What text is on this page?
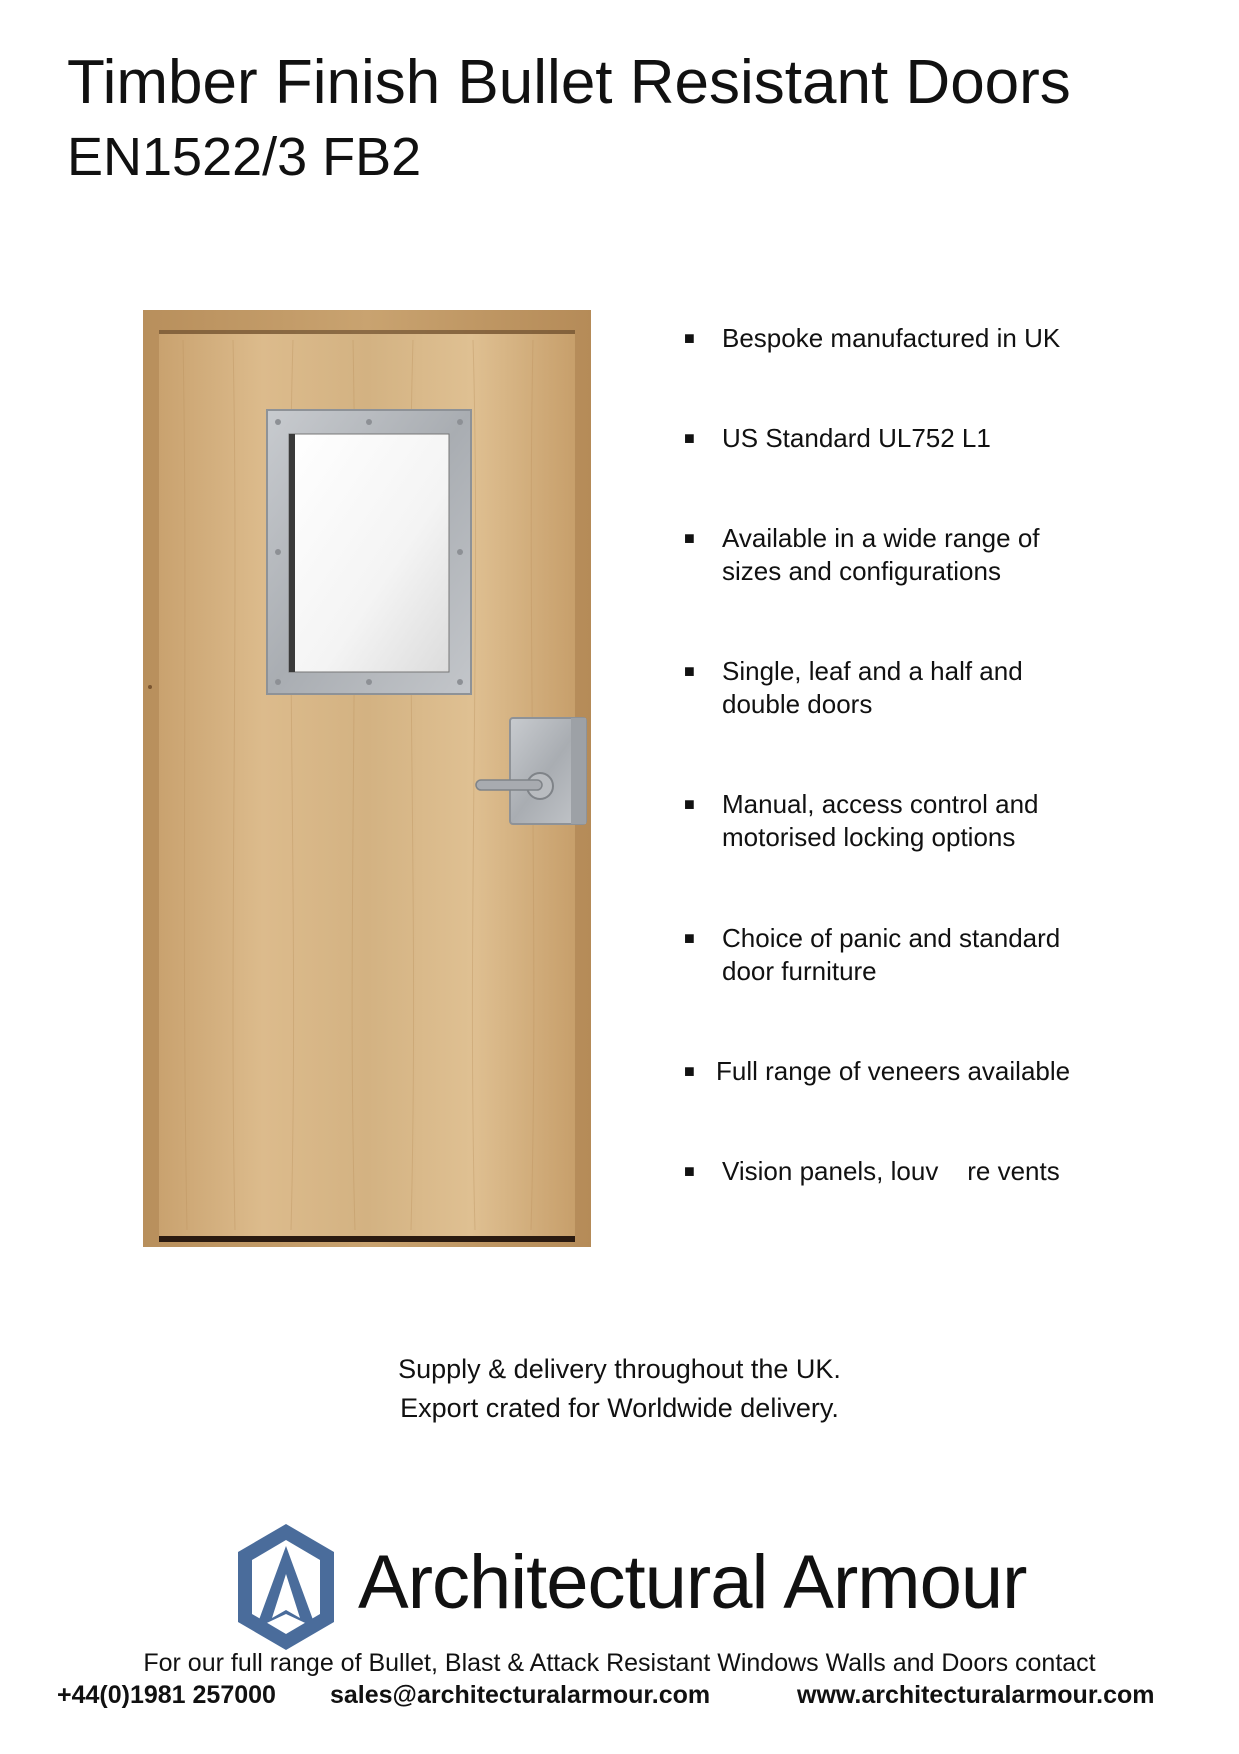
Timber Finish Bullet Resistant Doors
EN1522/3 FB2
■	Bespoke manufactured in UK
■	US Standard UL752 L1
■	Available in a wide range of
sizes and configurations
■	Single, leaf and a half and
double doors
■	Manual, access control and
motorised locking options
■	Choice of panic and standard
door furniture
■ Full range of veneers available
■	Vision panels, louv    re vents
Supply & delivery throughout the UK.
Export crated for Worldwide delivery.
Architectural Armour
For our full range of Bullet, Blast & Attack Resistant Windows Walls and Doors contact
+44(0)1981 257000 sales@architecturalarmour.com	www.architecturalarmour.com
